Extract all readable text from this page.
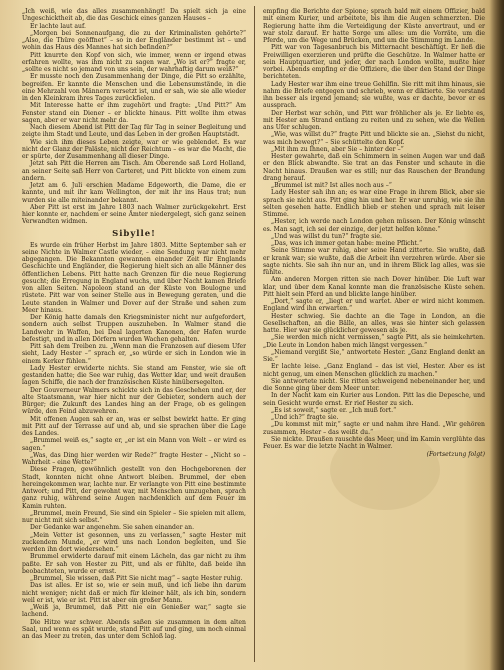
„Ich weiß, wie das alles zusammenhängt! Da spielt sich ja eine Ungeschicktheit ab, die das Geschick eines ganzen Hauses –

Er lachte laut auf.

„Morgen bei Sonnenaufgang, die zu der Kriminalisten gehörte?“ „Also, die Thüre geöffnet“ – so in der Engländer bestimmt ist – und wohin das Haus des Mannes hat sich befinden?“

Pitt knurrte den Kopf von sich, wie immer, wenn er irgend etwas erfahren wollte, was ihm nicht zu sagen war. „Wo ist er?“ fragte er, „sollte es nicht so jemand von uns sein, der wahrhaftig darum weiß?“

Er musste noch den Zusammenhang der Dinge, die Pitt so erzählte, begreifen. Er kannte die Menschen und die Lebensumstände, in die eine Mehrzahl von Männern versetzt ist, und er sah, wie sie alle wieder in den Kleinkram ihres Tages zurückfielen.

Mit Interesse hatte er ihm zugehört und fragte: „Und Pitt?“ Am Fenster stand ein Diener – er blickte hinaus. Pitt wollte ihm etwas sagen, aber er war nicht mehr da.

Nach diesem Abend ist Pitt der Tag für Tag in seiner Begleitung und zeigte ihm Stadt und Leute, und das Leben in der großen Hauptstadt.

Wie sich ihm dieses Leben zeigte, war er wie geblendet. Es war nicht der Glanz der Paläste, nicht der Reichtum – es war die Macht, die er spürte, der Zusammenhang all dieser Dinge.

Jetzt sah Pitt die Herren am Tisch. Am Oberende saß Lord Holland, an seiner Seite saß Herr von Carteret, und Pitt blickte von einem zum andern.

Jetzt am 6. Juli erschien Madame Edgeworth, die Dame, die er kannte, und mit ihr kam Wellington, der mit ihr ins Haus trat; nun wurden sie alle miteinander bekannt.

Aber Pitt ist erst im Jahre 1803 nach Walmer zurückgekehrt. Erst hier konnte er, nachdem er seine Ämter niedergelegt, sich ganz seinen Verwandten widmen.

Sibylle!

Es wurde ein früher Herbst im Jahre 1803. Mitte September sah er seine Nichte in Walmer Castle wieder, – eine Sendung war nicht mehr abgegangen. Die Bekannten gewannen einander Zeit für Englands Geschichte und Engländer, die Regierung hielt sich an alle Männer des öffentlichen Lebens. Pitt hatte nach Grenzen für die neue Regierung gesucht; die Erregung in England wuchs, und über Nacht kamen Briefe von allen Seiten. Napoleon stand an der Küste von Boulogne und rüstete. Pitt war von seiner Stelle aus in Bewegung geraten, und die Leute standen in Walmer und Dover auf der Straße und sahen zum Meer hinaus.

Der König hatte damals den Kriegsminister nicht nur aufgefordert, sondern auch selbst Truppen auszuheben. In Walmer stand die Landwehr in Waffen, bei Deal lagerten Kanonen, der Hafen wurde befestigt, und in allen Dörfern wurden Wachen gehalten.

Pitt sah dem Treiben zu. „Wenn man die Franzosen auf diesem Ufer sieht, Lady Hester –“ sprach er, „so würde er sich in London wie in einem Kerker fühlen.“

Lady Hester erwiderte nichts. Sie stand am Fenster, wie sie oft gestanden hatte; die See war ruhig, das Wetter klar, und weit draußen lagen Schiffe, die nach der französischen Küste hinübersegelten.

Der Gouverneur Walmers schickte sich in das Geschehen und er, der alte Staatsmann, war hier nicht nur der Gebieter, sondern auch der Bürger; die Zukunft des Landes hing an der Frage, ob es gelingen würde, den Feind abzuwehren.

Mit offenen Augen sah er an, was er selbst bewirkt hatte. Er ging mit Pitt auf der Terrasse auf und ab, und sie sprachen über die Lage des Landes.

„Brummel weiß es,“ sagte er, „er ist ein Mann von Welt – er wird es sagen.“

„Was, das Ding hier werden wir Rede?“ fragte Hester – „Nicht so – Wahrheit – eine Wette?“

Diese Fragen, gewöhnlich gestellt von den Hochgeborenen der Stadt, konnten nicht ohne Antwort bleiben. Brummel, der eben hereingekommen war, lachte nur. Er verlangte von Pitt eine bestimmte Antwort; und Pitt, der gewohnt war, mit Menschen umzugehen, sprach ganz ruhig, während seine Augen nachdenklich auf dem Feuer im Kamin ruhten.

„Brummel, mein Freund, Sie sind ein Spieler – Sie spielen mit allem, nur nicht mit sich selbst.“

Der Gedanke war angenehm. Sie sahen einander an.

„Mein Vetter ist gesonnen, uns zu verlassen,“ sagte Hester mit zuckendem Munde, „er wird uns nach London begleiten, und Sie werden ihn dort wiedersehen.“

Brummel erwiderte darauf mit einem Lächeln, das gar nicht zu ihm paßte. Er sah von Hester zu Pitt, und als er fühlte, daß beide ihn beobachteten, wurde er ernst.

„Brummel, Sie wissen, daß Pitt Sie nicht mag“ – sagte Hester ruhig.

Das ist alles. Er ist so, wie er sein muß, und ich liebe ihn darum nicht weniger; nicht daß er mich für kleiner hält, als ich bin, sondern weil er ist, wie er ist. Pitt ist aber ein großer Mann.

„Weiß ja, Brummel, daß Pitt nie ein Genießer war,“ sagte sie lachend.

Die Hitze war schwer. Abends saßen sie zusammen in dem alten Saal, und wenn es spät wurde, stand Pitt auf und ging, um noch einmal an das Meer zu treten, das unter dem Schloß lag.

empfing die Berichte der Spione; sprach bald mit einem Offizier, bald mit einem Kurier, und arbeitete, bis ihm die Augen schmerzten. Die Regierung hatte ihm die Verteidigung der Küste anvertraut, und er war stolz darauf. Er hatte Sorge um alles: um die Vorräte, um die Pferde, um die Wege und Brücken, und um die Stimmung im Lande.

Pitt war von Tagesanbruch bis Mitternacht beschäftigt. Er ließ die Freiwilligen exerzieren und prüfte die Geschütze. In Walmer hatte er sein Hauptquartier, und jeder, der nach London wollte, mußte hier vorbei. Abends empfing er die Offiziere, die über den Stand der Dinge berichteten.

Lady Hester war ihm eine treue Gehilfin. Sie ritt mit ihm hinaus, sie nahm die Briefe entgegen und schrieb, wenn er diktierte. Sie verstand ihn besser als irgend jemand; sie wußte, was er dachte, bevor er es aussprach.

Der Herbst war schön, und Pitt war fröhlicher als je. Er liebte es, mit Hester am Strand entlang zu reiten und zu sehen, wie die Wellen ans Ufer schlugen.

„Wie, was willst du?“ fragte Pitt und blickte sie an. „Siehst du nicht, was mich bewegt?“ – Sie schüttelte den Kopf.

„Mit ihm zu Ihnen, aber Sie – hinter der –“

Hester gewahrte, daß ein Schimmern in seinen Augen war und daß er den Blick abwandte. Sie trat an das Fenster und schaute in die Nacht hinaus. Draußen war es still; nur das Rauschen der Brandung drang herauf.

„Brummel ist mit? Ist alles noch aus –“

Lady Hester sah ihn an; es war eine Frage in ihrem Blick, aber sie sprach sie nicht aus. Pitt ging hin und her. Er war unruhig, wie sie ihn selten gesehen hatte. Endlich blieb er stehen und sprach mit leiser Stimme.

„Hester, ich werde nach London gehen müssen. Der König wünscht es. Man sagt, ich sei der einzige, der jetzt helfen könne.“

„Und was willst du tun?“ fragte sie.

„Das, was ich immer getan habe: meine Pflicht.“

Seine Stimme war ruhig, aber seine Hand zitterte. Sie wußte, daß er krank war; sie wußte, daß die Arbeit ihn verzehren würde. Aber sie sagte nichts. Sie sah ihn nur an, und in ihrem Blick lag alles, was sie fühlte.

Am anderen Morgen ritten sie nach Dover hinüber. Die Luft war klar, und über dem Kanal konnte man die französische Küste sehen. Pitt hielt sein Pferd an und blickte lange hinüber.

„Dort,“ sagte er, „liegt er und wartet. Aber er wird nicht kommen. England wird ihn erwarten.“

Hester schwieg. Sie dachte an die Tage in London, an die Gesellschaften, an die Bälle, an alles, was sie hinter sich gelassen hatte. Hier war sie glücklicher gewesen als je.

„Sie werden mich nicht vermissen,“ sagte Pitt, als sie heimkehrten. „Die Leute in London haben mich längst vergessen.“

„Niemand vergißt Sie,“ antwortete Hester. „Ganz England denkt an Sie.“

Er lachte leise. „Ganz England – das ist viel, Hester. Aber es ist nicht genug, um einen Menschen glücklich zu machen.“

Sie antwortete nicht. Sie ritten schweigend nebeneinander her, und die Sonne ging über dem Meer unter.

In der Nacht kam ein Kurier aus London. Pitt las die Depesche, und sein Gesicht wurde ernst. Er rief Hester zu sich.

„Es ist soweit,“ sagte er. „Ich muß fort.“

„Und ich?“ fragte sie.

„Du kommst mit mir,“ sagte er und nahm ihre Hand. „Wir gehören zusammen, Hester – das weißt du.“

Sie nickte. Draußen rauschte das Meer, und im Kamin verglühte das Feuer. Es war die letzte Nacht in Walmer.

(Fortsetzung folgt)
